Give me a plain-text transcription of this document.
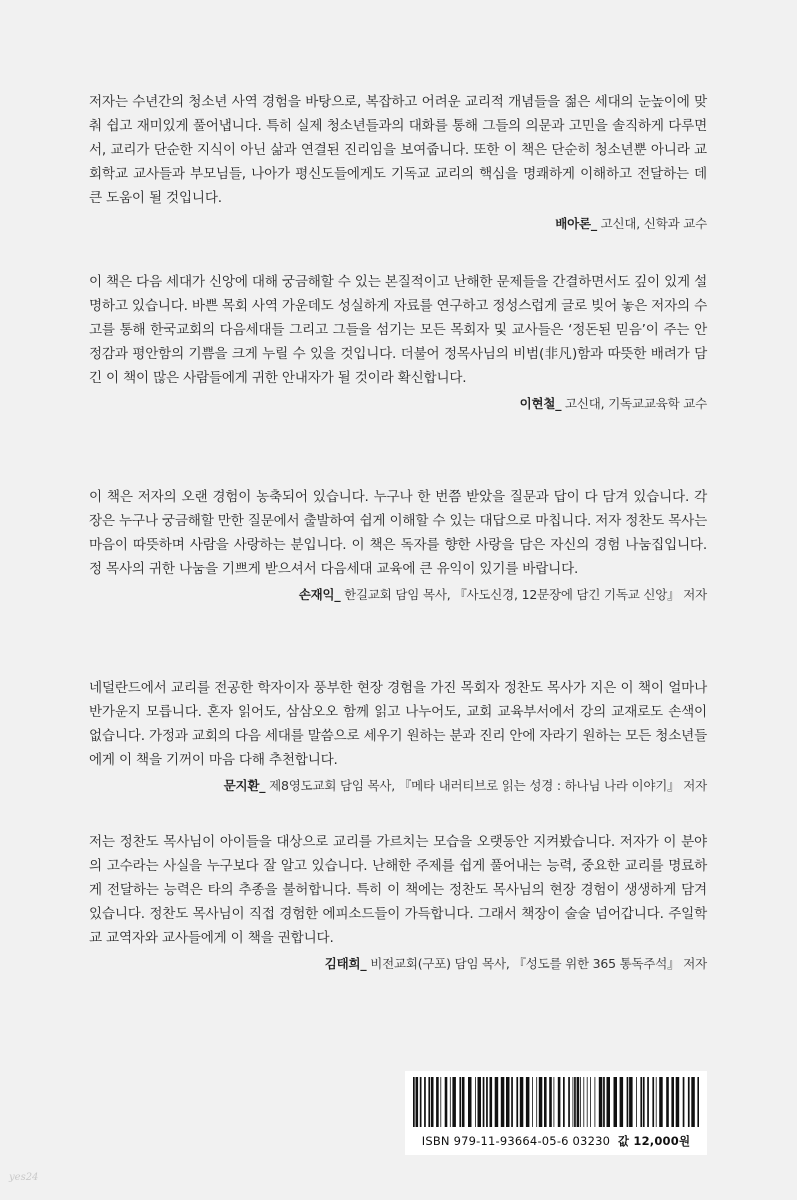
저자는 수년간의 청소년 사역 경험을 바탕으로, 복잡하고 어려운 교리적 개념들을 젊은 세대의 눈높이에 맞춰 쉽고 재미있게 풀어냅니다. 특히 실제 청소년들과의 대화를 통해 그들의 의문과 고민을 솔직하게 다루면서, 교리가 단순한 지식이 아닌 삶과 연결된 진리임을 보여줍니다. 또한 이 책은 단순히 청소년뿐 아니라 교회학교 교사들과 부모님들, 나아가 평신도들에게도 기독교 교리의 핵심을 명쾌하게 이해하고 전달하는 데 큰 도움이 될 것입니다.

배아론_ 고신대, 신학과 교수

이 책은 다음 세대가 신앙에 대해 궁금해할 수 있는 본질적이고 난해한 문제들을 간결하면서도 깊이 있게 설명하고 있습니다. 바쁜 목회 사역 가운데도 성실하게 자료를 연구하고 정성스럽게 글로 빚어 놓은 저자의 수고를 통해 한국교회의 다음세대들 그리고 그들을 섬기는 모든 목회자 및 교사들은 ‘정돈된 믿음’이 주는 안정감과 평안함의 기쁨을 크게 누릴 수 있을 것입니다. 더불어 정목사님의 비범(非凡)함과 따뜻한 배려가 담긴 이 책이 많은 사람들에게 귀한 안내자가 될 것이라 확신합니다.

이현철_ 고신대, 기독교교육학 교수

이 책은 저자의 오랜 경험이 농축되어 있습니다. 누구나 한 번쯤 받았을 질문과 답이 다 담겨 있습니다. 각 장은 누구나 궁금해할 만한 질문에서 출발하여 쉽게 이해할 수 있는 대답으로 마칩니다. 저자 정찬도 목사는 마음이 따뜻하며 사람을 사랑하는 분입니다. 이 책은 독자를 향한 사랑을 담은 자신의 경험 나눔집입니다. 정 목사의 귀한 나눔을 기쁘게 받으셔서 다음세대 교육에 큰 유익이 있기를 바랍니다.

손재익_ 한길교회 담임 목사, 『사도신경, 12문장에 담긴 기독교 신앙』 저자

네덜란드에서 교리를 전공한 학자이자 풍부한 현장 경험을 가진 목회자 정찬도 목사가 지은 이 책이 얼마나 반가운지 모릅니다. 혼자 읽어도, 삼삼오오 함께 읽고 나누어도, 교회 교육부서에서 강의 교재로도 손색이 없습니다. 가정과 교회의 다음 세대를 말씀으로 세우기 원하는 분과 진리 안에 자라기 원하는 모든 청소년들에게 이 책을 기꺼이 마음 다해 추천합니다.

문지환_ 제8영도교회 담임 목사, 『메타 내러티브로 읽는 성경 : 하나님 나라 이야기』 저자

저는 정찬도 목사님이 아이들을 대상으로 교리를 가르치는 모습을 오랫동안 지켜봤습니다. 저자가 이 분야의 고수라는 사실을 누구보다 잘 알고 있습니다. 난해한 주제를 쉽게 풀어내는 능력, 중요한 교리를 명료하게 전달하는 능력은 타의 추종을 불허합니다. 특히 이 책에는 정찬도 목사님의 현장 경험이 생생하게 담겨 있습니다. 정찬도 목사님이 직접 경험한 에피소드들이 가득합니다. 그래서 책장이 술술 넘어갑니다. 주일학교 교역자와 교사들에게 이 책을 권합니다.

김태희_ 비전교회(구포) 담임 목사, 『성도를 위한 365 통독주석』 저자
ISBN 979-11-93664-05-6 03230 값 12,000원
yes24
